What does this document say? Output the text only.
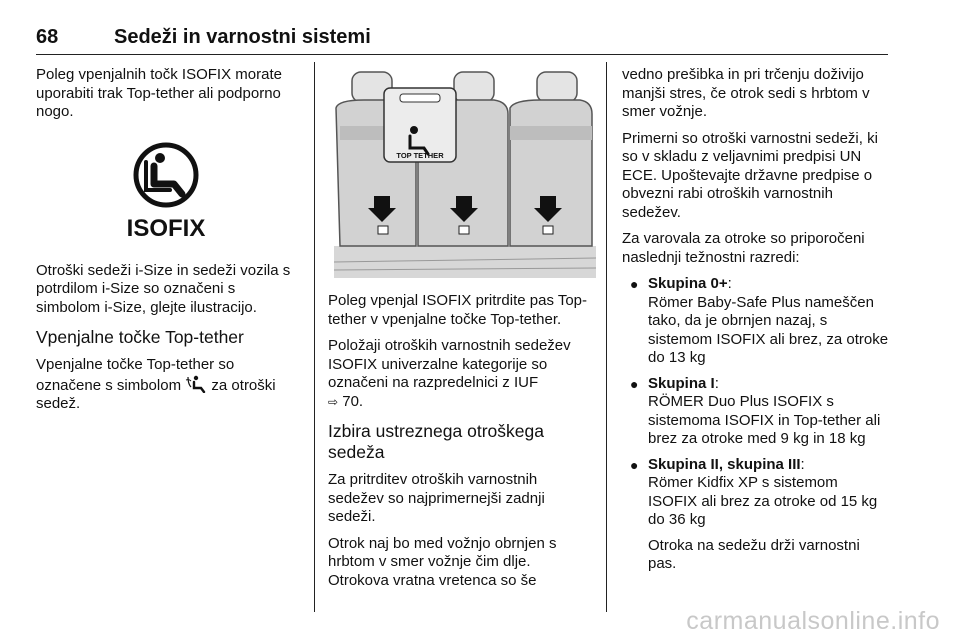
68	Sedeži in varnostni sistemi

Poleg vpenjalnih točk ISOFIX morate uporabiti trak Top-tether ali podporno nogo.

ISOFIX

Otroški sedeži i-Size in sedeži vozila s potrdilom i-Size so označeni s simbolom i-Size, glejte ilustracijo.

Vpenjalne točke Top-tether

Vpenjalne točke Top-tether so označene s simbolom za otroški sedež.

TOP TETHER

Poleg vpenjal ISOFIX pritrdite pas Top-tether v vpenjalne točke Top-tether.

Položaji otroških varnostnih sedežev ISOFIX univerzalne kategorije so označeni na razpredelnici z IUF
⇨ 70.

Izbira ustreznega otroškega sedeža

Za pritrditev otroških varnostnih sedežev so najprimernejši zadnji sedeži.

Otrok naj bo med vožnjo obrnjen s hrbtom v smer vožnje čim dlje. Otrokova vratna vretenca so še

vedno prešibka in pri trčenju doživijo manjši stres, če otrok sedi s hrbtom v smer vožnje.

Primerni so otroški varnostni sedeži, ki so v skladu z veljavnimi predpisi UN ECE. Upoštevajte državne predpise o obvezni rabi otroških varnostnih sedežev.

Za varovala za otroke so priporočeni naslednji težnostni razredi:

● Skupina 0+:
Römer Baby-Safe Plus nameščen tako, da je obrnjen nazaj, s sistemom ISOFIX ali brez, za otroke do 13 kg
● Skupina I:
RÖMER Duo Plus ISOFIX s sistemoma ISOFIX in Top-tether ali brez za otroke med 9 kg in 18 kg
● Skupina II, skupina III:
Römer Kidfix XP s sistemom ISOFIX ali brez za otroke od 15 kg do 36 kg
Otroka na sedežu drži varnostni pas.
carmanualsonline.info
